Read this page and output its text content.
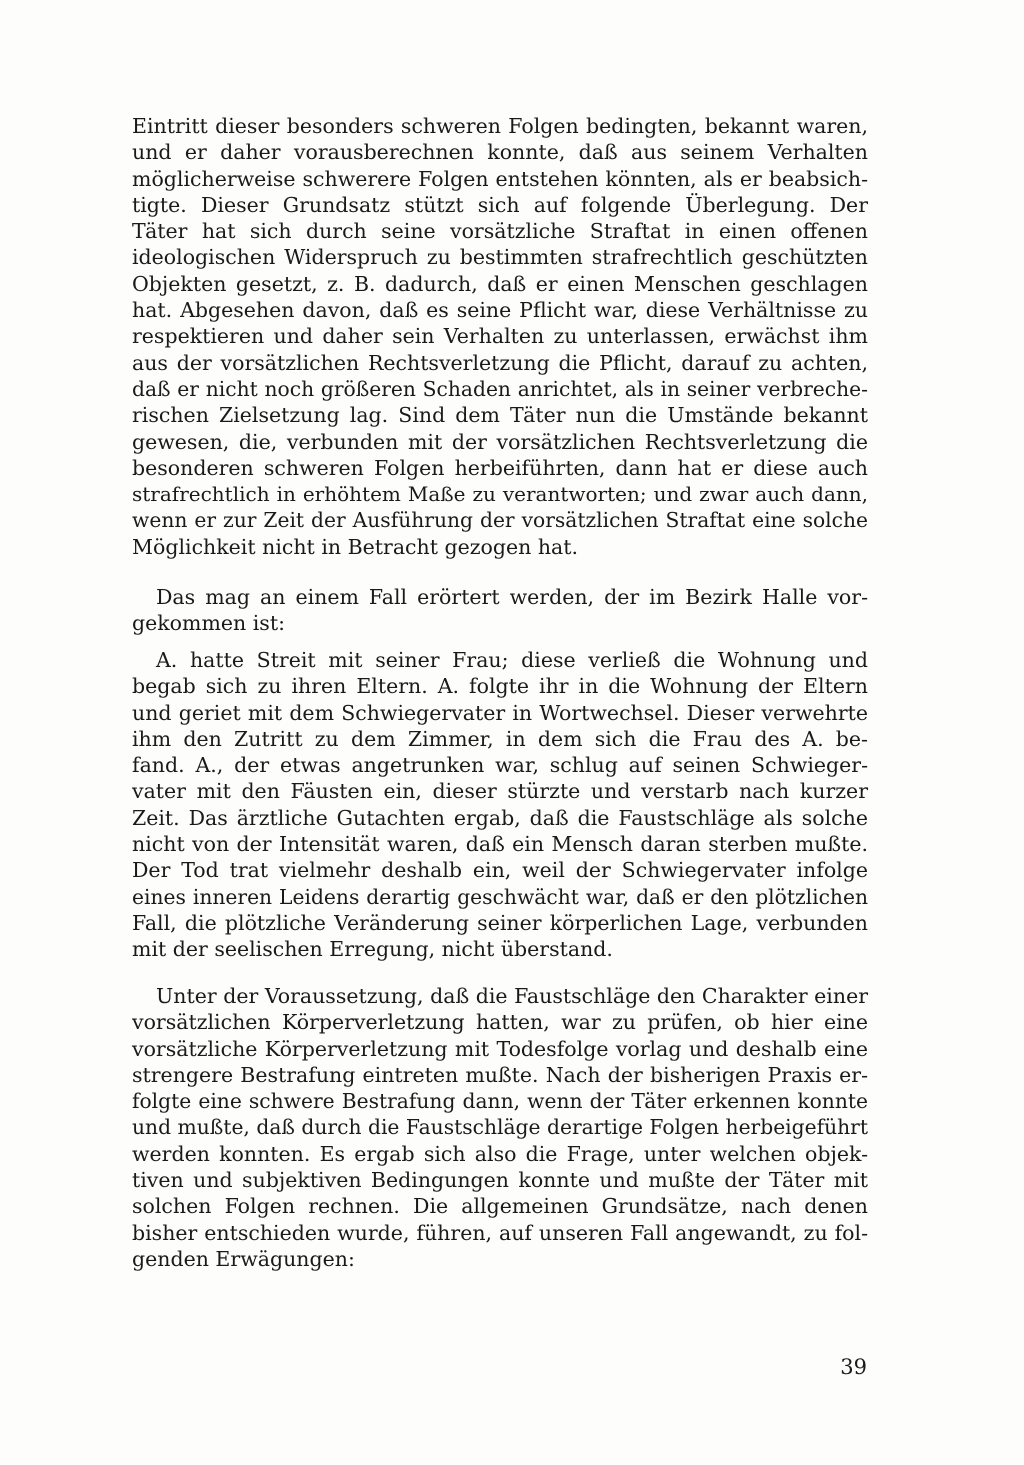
Eintritt dieser besonders schweren Folgen bedingten, bekannt waren,
und er daher vorausberechnen konnte, daß aus seinem Verhalten
möglicherweise schwerere Folgen entstehen könnten, als er beabsich-
tigte. Dieser Grundsatz stützt sich auf folgende Überlegung. Der
Täter hat sich durch seine vorsätzliche Straftat in einen offenen
ideologischen Widerspruch zu bestimmten strafrechtlich geschützten
Objekten gesetzt, z. B. dadurch, daß er einen Menschen geschlagen
hat. Abgesehen davon, daß es seine Pflicht war, diese Verhältnisse zu
respektieren und daher sein Verhalten zu unterlassen, erwächst ihm
aus der vorsätzlichen Rechtsverletzung die Pflicht, darauf zu achten,
daß er nicht noch größeren Schaden anrichtet, als in seiner verbreche-
rischen Zielsetzung lag. Sind dem Täter nun die Umstände bekannt
gewesen, die, verbunden mit der vorsätzlichen Rechtsverletzung die
besonderen schweren Folgen herbeiführten, dann hat er diese auch
strafrechtlich in erhöhtem Maße zu verantworten; und zwar auch dann,
wenn er zur Zeit der Ausführung der vorsätzlichen Straftat eine solche
Möglichkeit nicht in Betracht gezogen hat.
Das mag an einem Fall erörtert werden, der im Bezirk Halle vor-
gekommen ist:
A. hatte Streit mit seiner Frau; diese verließ die Wohnung und
begab sich zu ihren Eltern. A. folgte ihr in die Wohnung der Eltern
und geriet mit dem Schwiegervater in Wortwechsel. Dieser verwehrte
ihm den Zutritt zu dem Zimmer, in dem sich die Frau des A. be-
fand. A., der etwas angetrunken war, schlug auf seinen Schwieger-
vater mit den Fäusten ein, dieser stürzte und verstarb nach kurzer
Zeit. Das ärztliche Gutachten ergab, daß die Faustschläge als solche
nicht von der Intensität waren, daß ein Mensch daran sterben mußte.
Der Tod trat vielmehr deshalb ein, weil der Schwiegervater infolge
eines inneren Leidens derartig geschwächt war, daß er den plötzlichen
Fall, die plötzliche Veränderung seiner körperlichen Lage, verbunden
mit der seelischen Erregung, nicht überstand.
Unter der Voraussetzung, daß die Faustschläge den Charakter einer
vorsätzlichen Körperverletzung hatten, war zu prüfen, ob hier eine
vorsätzliche Körperverletzung mit Todesfolge vorlag und deshalb eine
strengere Bestrafung eintreten mußte. Nach der bisherigen Praxis er-
folgte eine schwere Bestrafung dann, wenn der Täter erkennen konnte
und mußte, daß durch die Faustschläge derartige Folgen herbeigeführt
werden konnten. Es ergab sich also die Frage, unter welchen objek-
tiven und subjektiven Bedingungen konnte und mußte der Täter mit
solchen Folgen rechnen. Die allgemeinen Grundsätze, nach denen
bisher entschieden wurde, führen, auf unseren Fall angewandt, zu fol-
genden Erwägungen:
39
